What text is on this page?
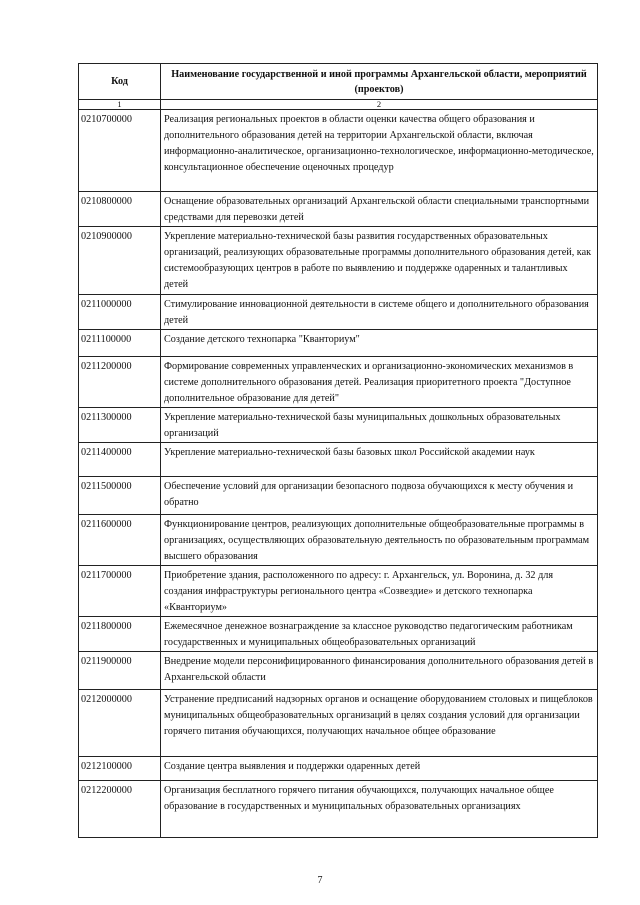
Код	Наименование государственной и иной программы Архангельской области, мероприятий (проектов)
1	2
0210700000	Реализация региональных проектов в области оценки качества общего образования и дополнительного образования детей на территории Архангельской области, включая информационно-аналитическое, организационно-технологическое, информационно-методическое, консультационное обеспечение оценочных процедур
0210800000	Оснащение образовательных организаций Архангельской области специальными транспортными средствами для перевозки детей
0210900000	Укрепление материально-технической базы развития государственных образовательных организаций, реализующих образовательные программы дополнительного образования детей, как системообразующих центров в работе по выявлению и поддержке одаренных и талантливых детей
0211000000	Стимулирование инновационной деятельности в системе общего и дополнительного образования детей
0211100000	Создание детского технопарка "Кванториум"
0211200000	Формирование современных управленческих и организационно-экономических механизмов в системе дополнительного образования детей. Реализация приоритетного проекта "Доступное дополнительное образование для детей"
0211300000	Укрепление материально-технической базы муниципальных дошкольных образовательных организаций
0211400000	Укрепление материально-технической базы базовых школ Российской академии наук
0211500000	Обеспечение условий для организации безопасного подвоза обучающихся к месту обучения и обратно
0211600000	Функционирование центров, реализующих дополнительные общеобразовательные программы в организациях, осуществляющих образовательную деятельность по образовательным программам высшего образования
0211700000	Приобретение здания, расположенного по адресу: г. Архангельск, ул. Воронина, д. 32 для создания инфраструктуры регионального центра «Созвездие» и детского технопарка «Кванториум»
0211800000	Ежемесячное денежное вознаграждение за классное руководство педагогическим работникам государственных и муниципальных общеобразовательных организаций
0211900000	Внедрение модели персонифицированного финансирования дополнительного образования детей в Архангельской области
0212000000	Устранение предписаний надзорных органов и оснащение оборудованием столовых и пищеблоков муниципальных общеобразовательных организаций в целях создания условий для организации горячего питания обучающихся, получающих начальное общее образование
0212100000	Создание центра выявления и поддержки одаренных детей
0212200000	Организация бесплатного горячего питания обучающихся, получающих начальное общее образование в государственных и муниципальных образовательных организациях
7
